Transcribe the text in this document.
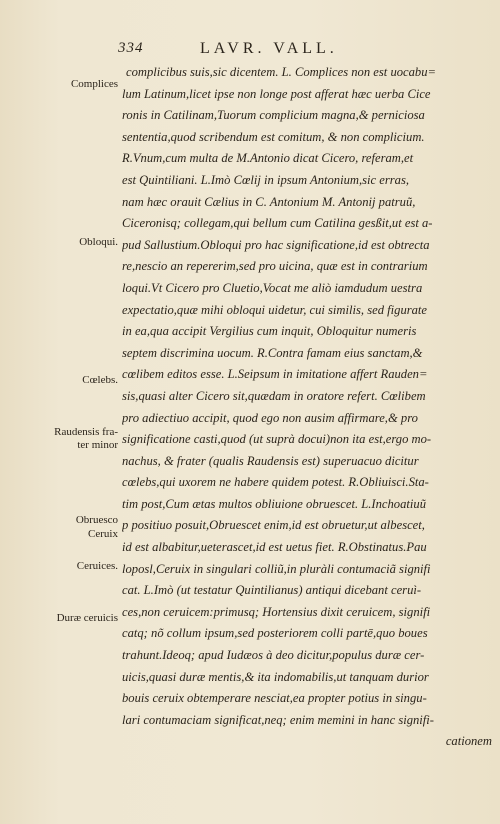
334	LAVR. VALL.
Complices
Obloqui.
Cœlebs.
Raudensis fra-
ter minor
Obruesco
Ceruix
Ceruices.
Duræ ceruicis
complicibus suis,sic dicentem. L. Complices non est uocabu=
lum Latinum,licet ipse non longe post afferat hæc uerba Cice
ronis in Catilinam,Tuorum complicium magna,& perniciosa
sententia,quod scribendum est comitum, & non complicium.
R.Vnum,cum multa de M.Antonio dicat Cicero, referam,et
est Quintiliani. L.Imò Cœlij in ipsum Antonium,sic erras,
nam hæc orauit Cælius in C. Antonium M. Antonij patruũ,
Ciceronisq; collegam,qui bellum cum Catilina gesßit,ut est a-
pud Sallustium.Obloqui pro hac significatione,id est obtrecta
re,nescio an repererim,sed pro uicina, quæ est in contrarium
loqui.Vt Cicero pro Cluetio,Vocat me aliò iamdudum uestra
expectatio,quæ mihi obloqui uidetur, cui similis, sed figurate
in ea,qua accipit Vergilius cum inquit, Obloquitur numeris
septem discrimina uocum. R.Contra famam eius sanctam,&
cœlibem editos esse. L.Seipsum in imitatione affert Rauden=
sis,quasi alter Cicero sit,quædam in oratore refert. Cœlibem
pro adiectiuo accipit, quod ego non ausim affirmare,& pro
significatione casti,quod (ut suprà docui)non ita est,ergo mo-
nachus, & frater (qualis Raudensis est) superuacuo dicitur
cœlebs,qui uxorem ne habere quidem potest. R.Obliuisci.Sta-
tim post,Cum ætas multos obliuione obruescet. L.Inchoatiuũ
p positiuo posuit,Obruescet enim,id est obruetur,ut albescet,
id est albabitur,ueterascet,id est uetus fiet. R.Obstinatus.Pau
loposl,Ceruix in singulari colliũ,in pluràli contumaciã signifi
cat. L.Imò (ut testatur Quintilianus) antiqui dicebant ceruì-
ces,non ceruicem:primusq; Hortensius dixit ceruicem, signifi
catq; nõ collum ipsum,sed posteriorem colli partē,quo boues
trahunt.Ideoq; apud Iudæos à deo dicitur,populus duræ cer-
uicis,quasi duræ mentis,& ita indomabilis,ut tanquam durior
bouis ceruix obtemperare nesciat,ea propter potius in singu-
lari contumaciam significat,neq; enim memini in hanc signifi-
cationem
